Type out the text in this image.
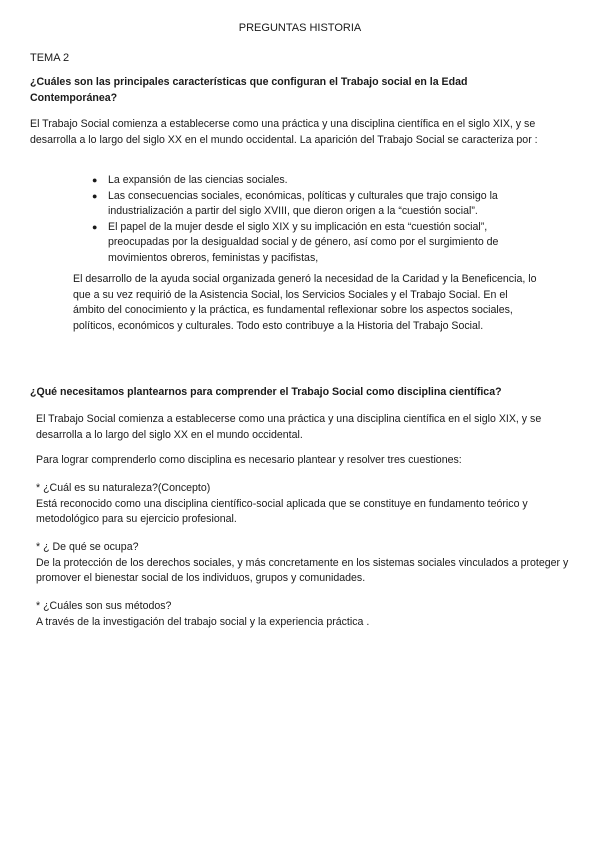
PREGUNTAS HISTORIA
TEMA 2
¿Cuáles son las principales características que configuran el Trabajo social en la Edad Contemporánea?
El Trabajo Social comienza a establecerse como una práctica y una disciplina científica en el siglo XIX, y se desarrolla a lo largo del siglo XX en el mundo occidental. La aparición del Trabajo Social se caracteriza por :
● La expansión de las ciencias sociales.
● Las consecuencias sociales, económicas, políticas y culturales que trajo consigo la industrialización a partir del siglo XVIII, que dieron origen a la “cuestión social”.
● El papel de la mujer desde el siglo XIX y su implicación en esta “cuestión social”, preocupadas por la desigualdad social y de género, así como por el surgimiento de movimientos obreros, feministas y pacifistas,
El desarrollo de la ayuda social organizada generó la necesidad de la Caridad y la Beneficencia, lo que a su vez requirió de la Asistencia Social, los Servicios Sociales y el Trabajo Social. En el ámbito del conocimiento y la práctica, es fundamental reflexionar sobre los aspectos sociales, políticos, económicos y culturales. Todo esto contribuye a la Historia del Trabajo Social.
¿Qué necesitamos plantearnos para comprender el Trabajo Social como disciplina científica?
El Trabajo Social comienza a establecerse como una práctica y una disciplina científica en el siglo XIX, y se desarrolla a lo largo del siglo XX en el mundo occidental.
Para lograr comprenderlo como disciplina es necesario plantear y resolver tres cuestiones:
* ¿Cuál es su naturaleza?(Concepto)
Está reconocido como una disciplina científico-social aplicada que se constituye en fundamento teórico y metodológico para su ejercicio profesional.
* ¿ De qué se ocupa?
De la protección de los derechos sociales, y más concretamente en los sistemas sociales vinculados a proteger y promover el bienestar social de los individuos, grupos y comunidades.
* ¿Cuáles son sus métodos?
A través de la investigación del trabajo social y la experiencia práctica .
